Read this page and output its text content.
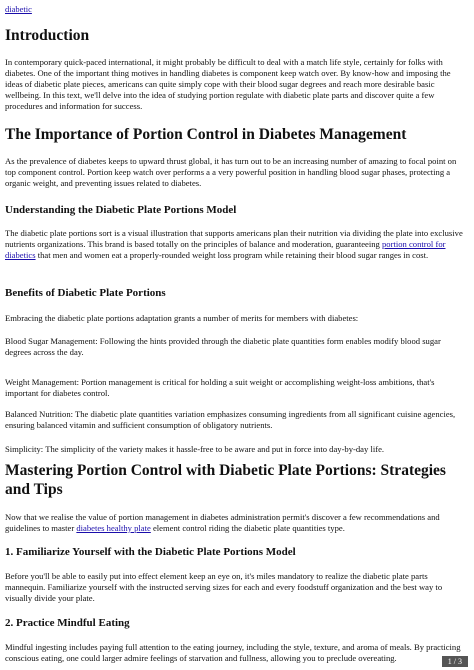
diabetic
Introduction

In contemporary quick-paced international, it might probably be difficult to deal with a match life style, certainly for folks with diabetes. One of the important thing motives in handling diabetes is component keep watch over. By know-how and imposing the ideas of diabetic plate pieces, americans can quite simply cope with their blood sugar degrees and reach more desirable basic wellbeing. In this text, we'll delve into the idea of studying portion regulate with diabetic plate parts and discover quite a few procedures and information for success.

The Importance of Portion Control in Diabetes Management

As the prevalence of diabetes keeps to upward thrust global, it has turn out to be an increasing number of amazing to focal point on top component control. Portion keep watch over performs a a very powerful position in handling blood sugar phases, protecting a organic weight, and preventing issues related to diabetes.

Understanding the Diabetic Plate Portions Model

The diabetic plate portions sort is a visual illustration that supports americans plan their nutrition via dividing the plate into exclusive nutrients organizations. This brand is based totally on the principles of balance and moderation, guaranteeing portion control for diabetics that men and women eat a properly-rounded weight loss program while retaining their blood sugar ranges in cost.

Benefits of Diabetic Plate Portions

Embracing the diabetic plate portions adaptation grants a number of merits for members with diabetes:

Blood Sugar Management: Following the hints provided through the diabetic plate quantities form enables modify blood sugar degrees across the day.

Weight Management: Portion management is critical for holding a suit weight or accomplishing weight-loss ambitions, that's important for diabetes control.

Balanced Nutrition: The diabetic plate quantities variation emphasizes consuming ingredients from all significant cuisine agencies, ensuring balanced vitamin and sufficient consumption of obligatory nutrients.

Simplicity: The simplicity of the variety makes it hassle-free to be aware and put in force into day-by-day life.

Mastering Portion Control with Diabetic Plate Portions: Strategies and Tips

Now that we realise the value of portion management in diabetes administration permit's discover a few recommendations and guidelines to master diabetes healthy plate element control riding the diabetic plate quantities type.

1. Familiarize Yourself with the Diabetic Plate Portions Model

Before you'll be able to easily put into effect element keep an eye on, it's miles mandatory to realize the diabetic plate parts mannequin. Familiarize yourself with the instructed serving sizes for each and every foodstuff organization and the best way to visually divide your plate.

2. Practice Mindful Eating

Mindful ingesting includes paying full attention to the eating journey, including the style, texture, and aroma of meals. By practicing conscious eating, one could larger admire feelings of starvation and fullness, allowing you to preclude overeating.	1 / 3
